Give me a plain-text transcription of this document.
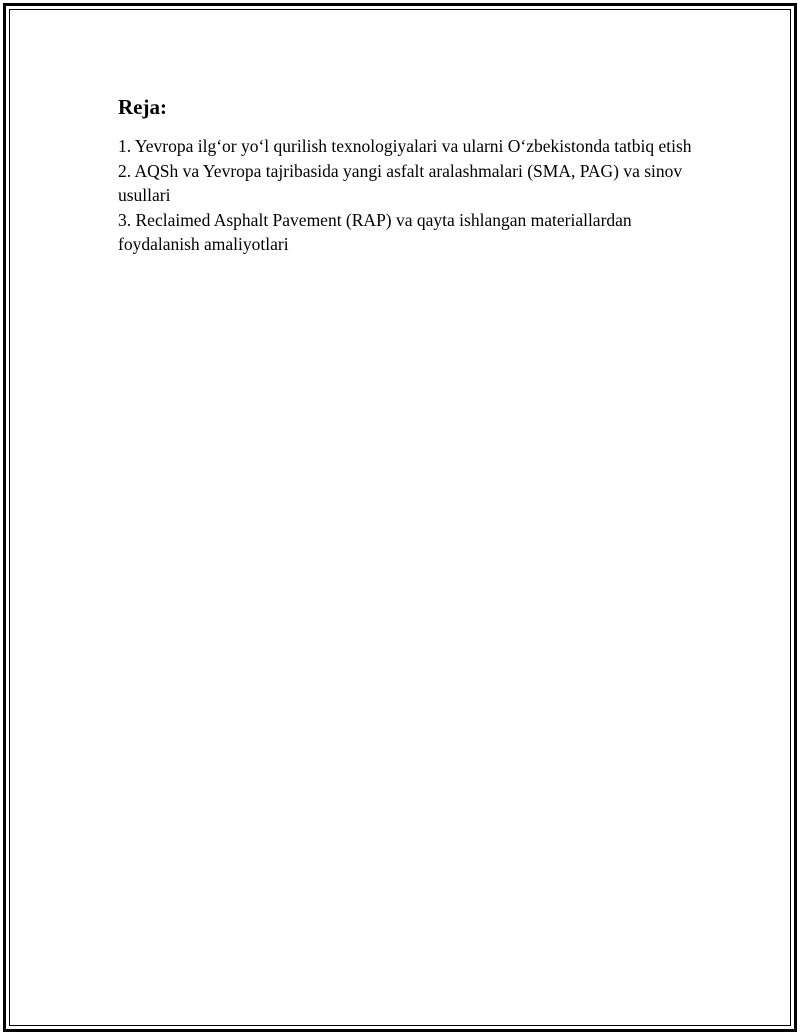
Reja:
1. Yevropa ilg‘or yo‘l qurilish texnologiyalari va ularni O‘zbekistonda tatbiq etish
2. AQSh va Yevropa tajribasida yangi asfalt aralashmalari (SMA, PAG) va sinov usullari
3. Reclaimed Asphalt Pavement (RAP) va qayta ishlangan materiallardan foydalanish amaliyotlari
